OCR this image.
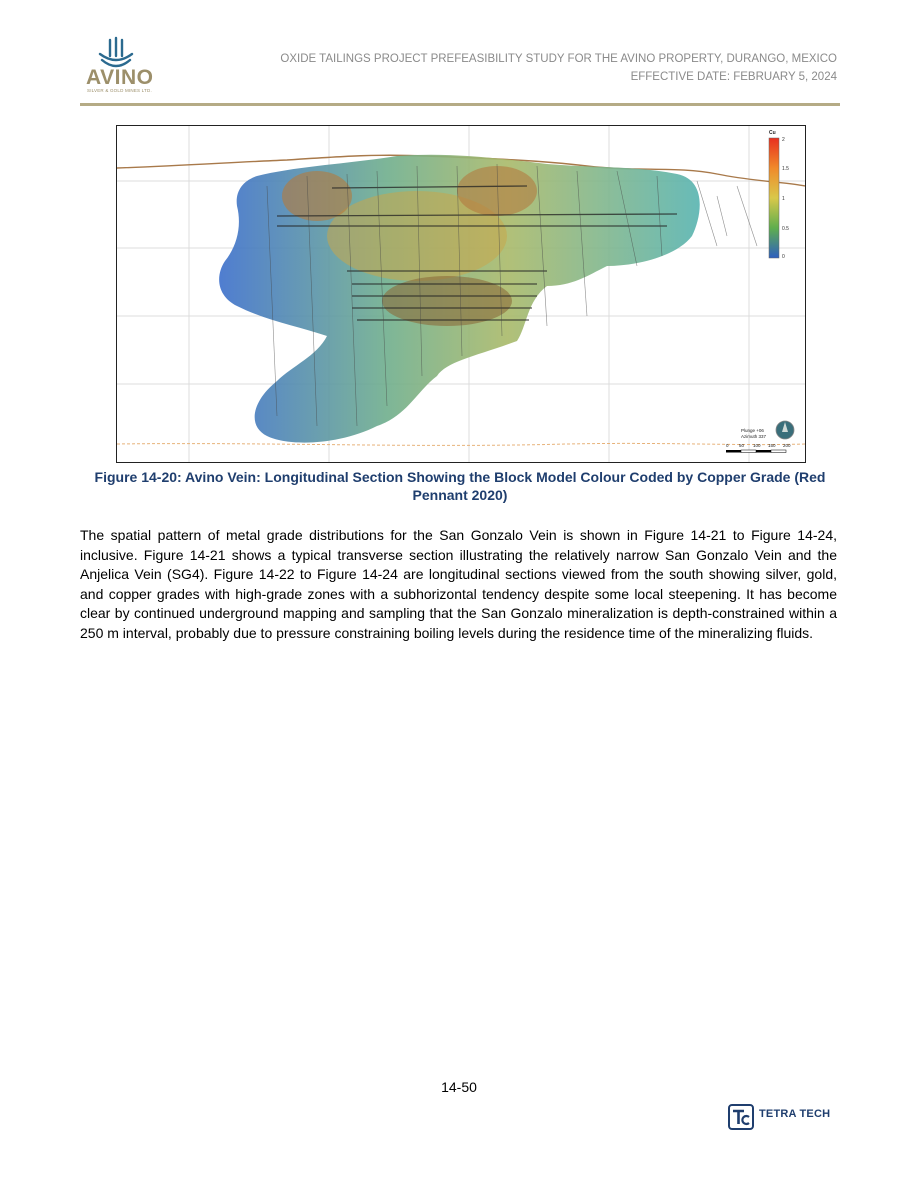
AVINO
SILVER & GOLD MINES LTD.
OXIDE TAILINGS PROJECT PREFEASIBILITY STUDY FOR THE AVINO PROPERTY, DURANGO, MEXICO
EFFECTIVE DATE: FEBRUARY 5, 2024
Cu
2
1.5
1
0.5
0
Plunge +06
Azimuth 337
0 50 100 150 200
Figure 14-20: Avino Vein: Longitudinal Section Showing the Block Model Colour Coded by Copper Grade (Red Pennant 2020)

The spatial pattern of metal grade distributions for the San Gonzalo Vein is shown in Figure 14-21 to Figure 14-24, inclusive. Figure 14-21 shows a typical transverse section illustrating the relatively narrow San Gonzalo Vein and the Anjelica Vein (SG4). Figure 14-22 to Figure 14-24 are longitudinal sections viewed from the south showing silver, gold, and copper grades with high-grade zones with a subhorizontal tendency despite some local steepening. It has become clear by continued underground mapping and sampling that the San Gonzalo mineralization is depth-constrained within a 250 m interval, probably due to pressure constraining boiling levels during the residence time of the mineralizing fluids.

14-50
TETRA TECH
